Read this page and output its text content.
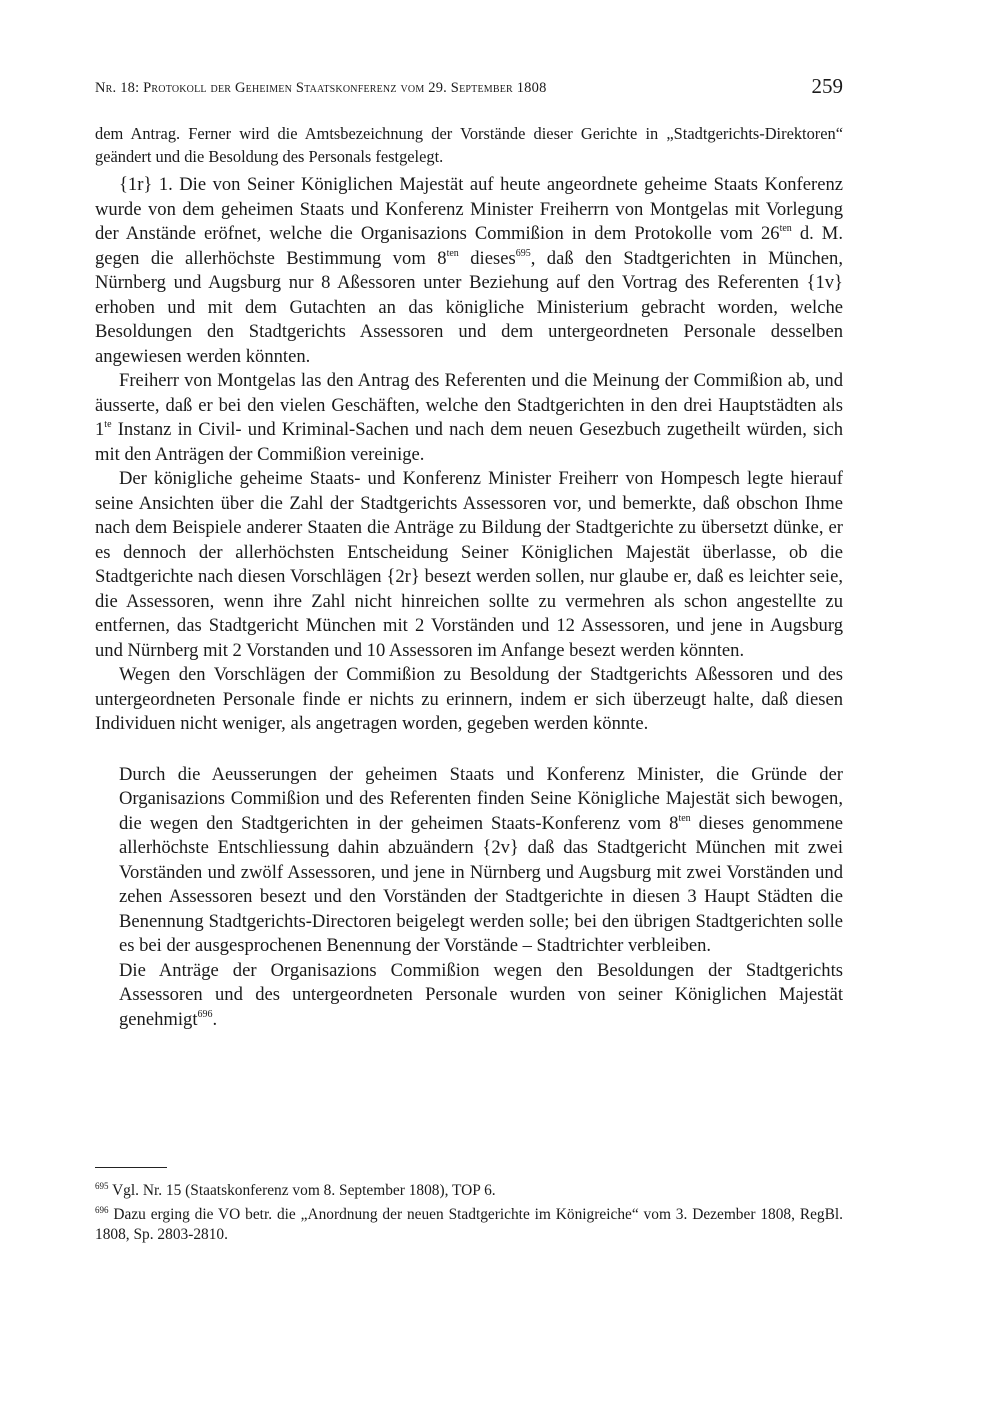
Nr. 18: Protokoll der Geheimen Staatskonferenz vom 29. September 1808	259
dem Antrag. Ferner wird die Amtsbezeichnung der Vorstände dieser Gerichte in „Stadtgerichts-Direktoren“ geändert und die Besoldung des Personals festgelegt.

{1r} 1. Die von Seiner Königlichen Majestät auf heute angeordnete geheime Staats Konferenz wurde von dem geheimen Staats und Konferenz Minister Freiherrn von Montgelas mit Vorlegung der Anstände eröfnet, welche die Organisazions Commißion in dem Protokolle vom $26^{ten}$ d. M. gegen die allerhöchste Bestimmung vom $8^{ten}$ dieses$^{695}$, daß den Stadtgerichten in München, Nürnberg und Augsburg nur 8 Aßessoren unter Beziehung auf den Vortrag des Referenten {1v} erhoben und mit dem Gutachten an das königliche Ministerium gebracht worden, welche Besoldungen den Stadtgerichts Assessoren und dem untergeordneten Personale desselben angewiesen werden könnten.

Freiherr von Montgelas las den Antrag des Referenten und die Meinung der Commißion ab, und äusserte, daß er bei den vielen Geschäften, welche den Stadtgerichten in den drei Hauptstädten als $1^{te}$ Instanz in Civil- und Kriminal-Sachen und nach dem neuen Gesezbuch zugetheilt würden, sich mit den Anträgen der Commißion vereinige.

Der königliche geheime Staats- und Konferenz Minister Freiherr von Hompesch legte hierauf seine Ansichten über die Zahl der Stadtgerichts Assessoren vor, und bemerkte, daß obschon Ihme nach dem Beispiele anderer Staaten die Anträge zu Bildung der Stadtgerichte zu übersetzt dünke, er es dennoch der allerhöchsten Entscheidung Seiner Königlichen Majestät überlasse, ob die Stadtgerichte nach diesen Vorschlägen {2r} besezt werden sollen, nur glaube er, daß es leichter seie, die Assessoren, wenn ihre Zahl nicht hinreichen sollte zu vermehren als schon angestellte zu entfernen, das Stadtgericht München mit 2 Vorständen und 12 Assessoren, und jene in Augsburg und Nürnberg mit 2 Vorstanden und 10 Assessoren im Anfange besezt werden könnten.

Wegen den Vorschlägen der Commißion zu Besoldung der Stadtgerichts Aßessoren und des untergeordneten Personale finde er nichts zu erinnern, indem er sich überzeugt halte, daß diesen Individuen nicht weniger, als angetragen worden, gegeben werden könnte.

Durch die Aeusserungen der geheimen Staats und Konferenz Minister, die Gründe der Organisazions Commißion und des Referenten finden Seine Königliche Majestät sich bewogen, die wegen den Stadtgerichten in der geheimen Staats-Konferenz vom $8^{ten}$ dieses genommene allerhöchste Entschliessung dahin abzuändern {2v} daß das Stadtgericht München mit zwei Vorständen und zwölf Assessoren, und jene in Nürnberg und Augsburg mit zwei Vorständen und zehen Assessoren besezt und den Vorständen der Stadtgerichte in diesen 3 Haupt Städten die Benennung Stadtgerichts-Directoren beigelegt werden solle; bei den übrigen Stadtgerichten solle es bei der ausgesprochenen Benennung der Vorstände – Stadtrichter verbleiben.

Die Anträge der Organisazions Commißion wegen den Besoldungen der Stadtgerichts Assessoren und des untergeordneten Personale wurden von seiner Königlichen Majestät genehmigt$^{696}$.

$^{695}$ Vgl. Nr. 15 (Staatskonferenz vom 8. September 1808), TOP 6.

$^{696}$ Dazu erging die VO betr. die „Anordnung der neuen Stadtgerichte im Königreiche“ vom 3. Dezember 1808, RegBl. 1808, Sp. 2803-2810.
